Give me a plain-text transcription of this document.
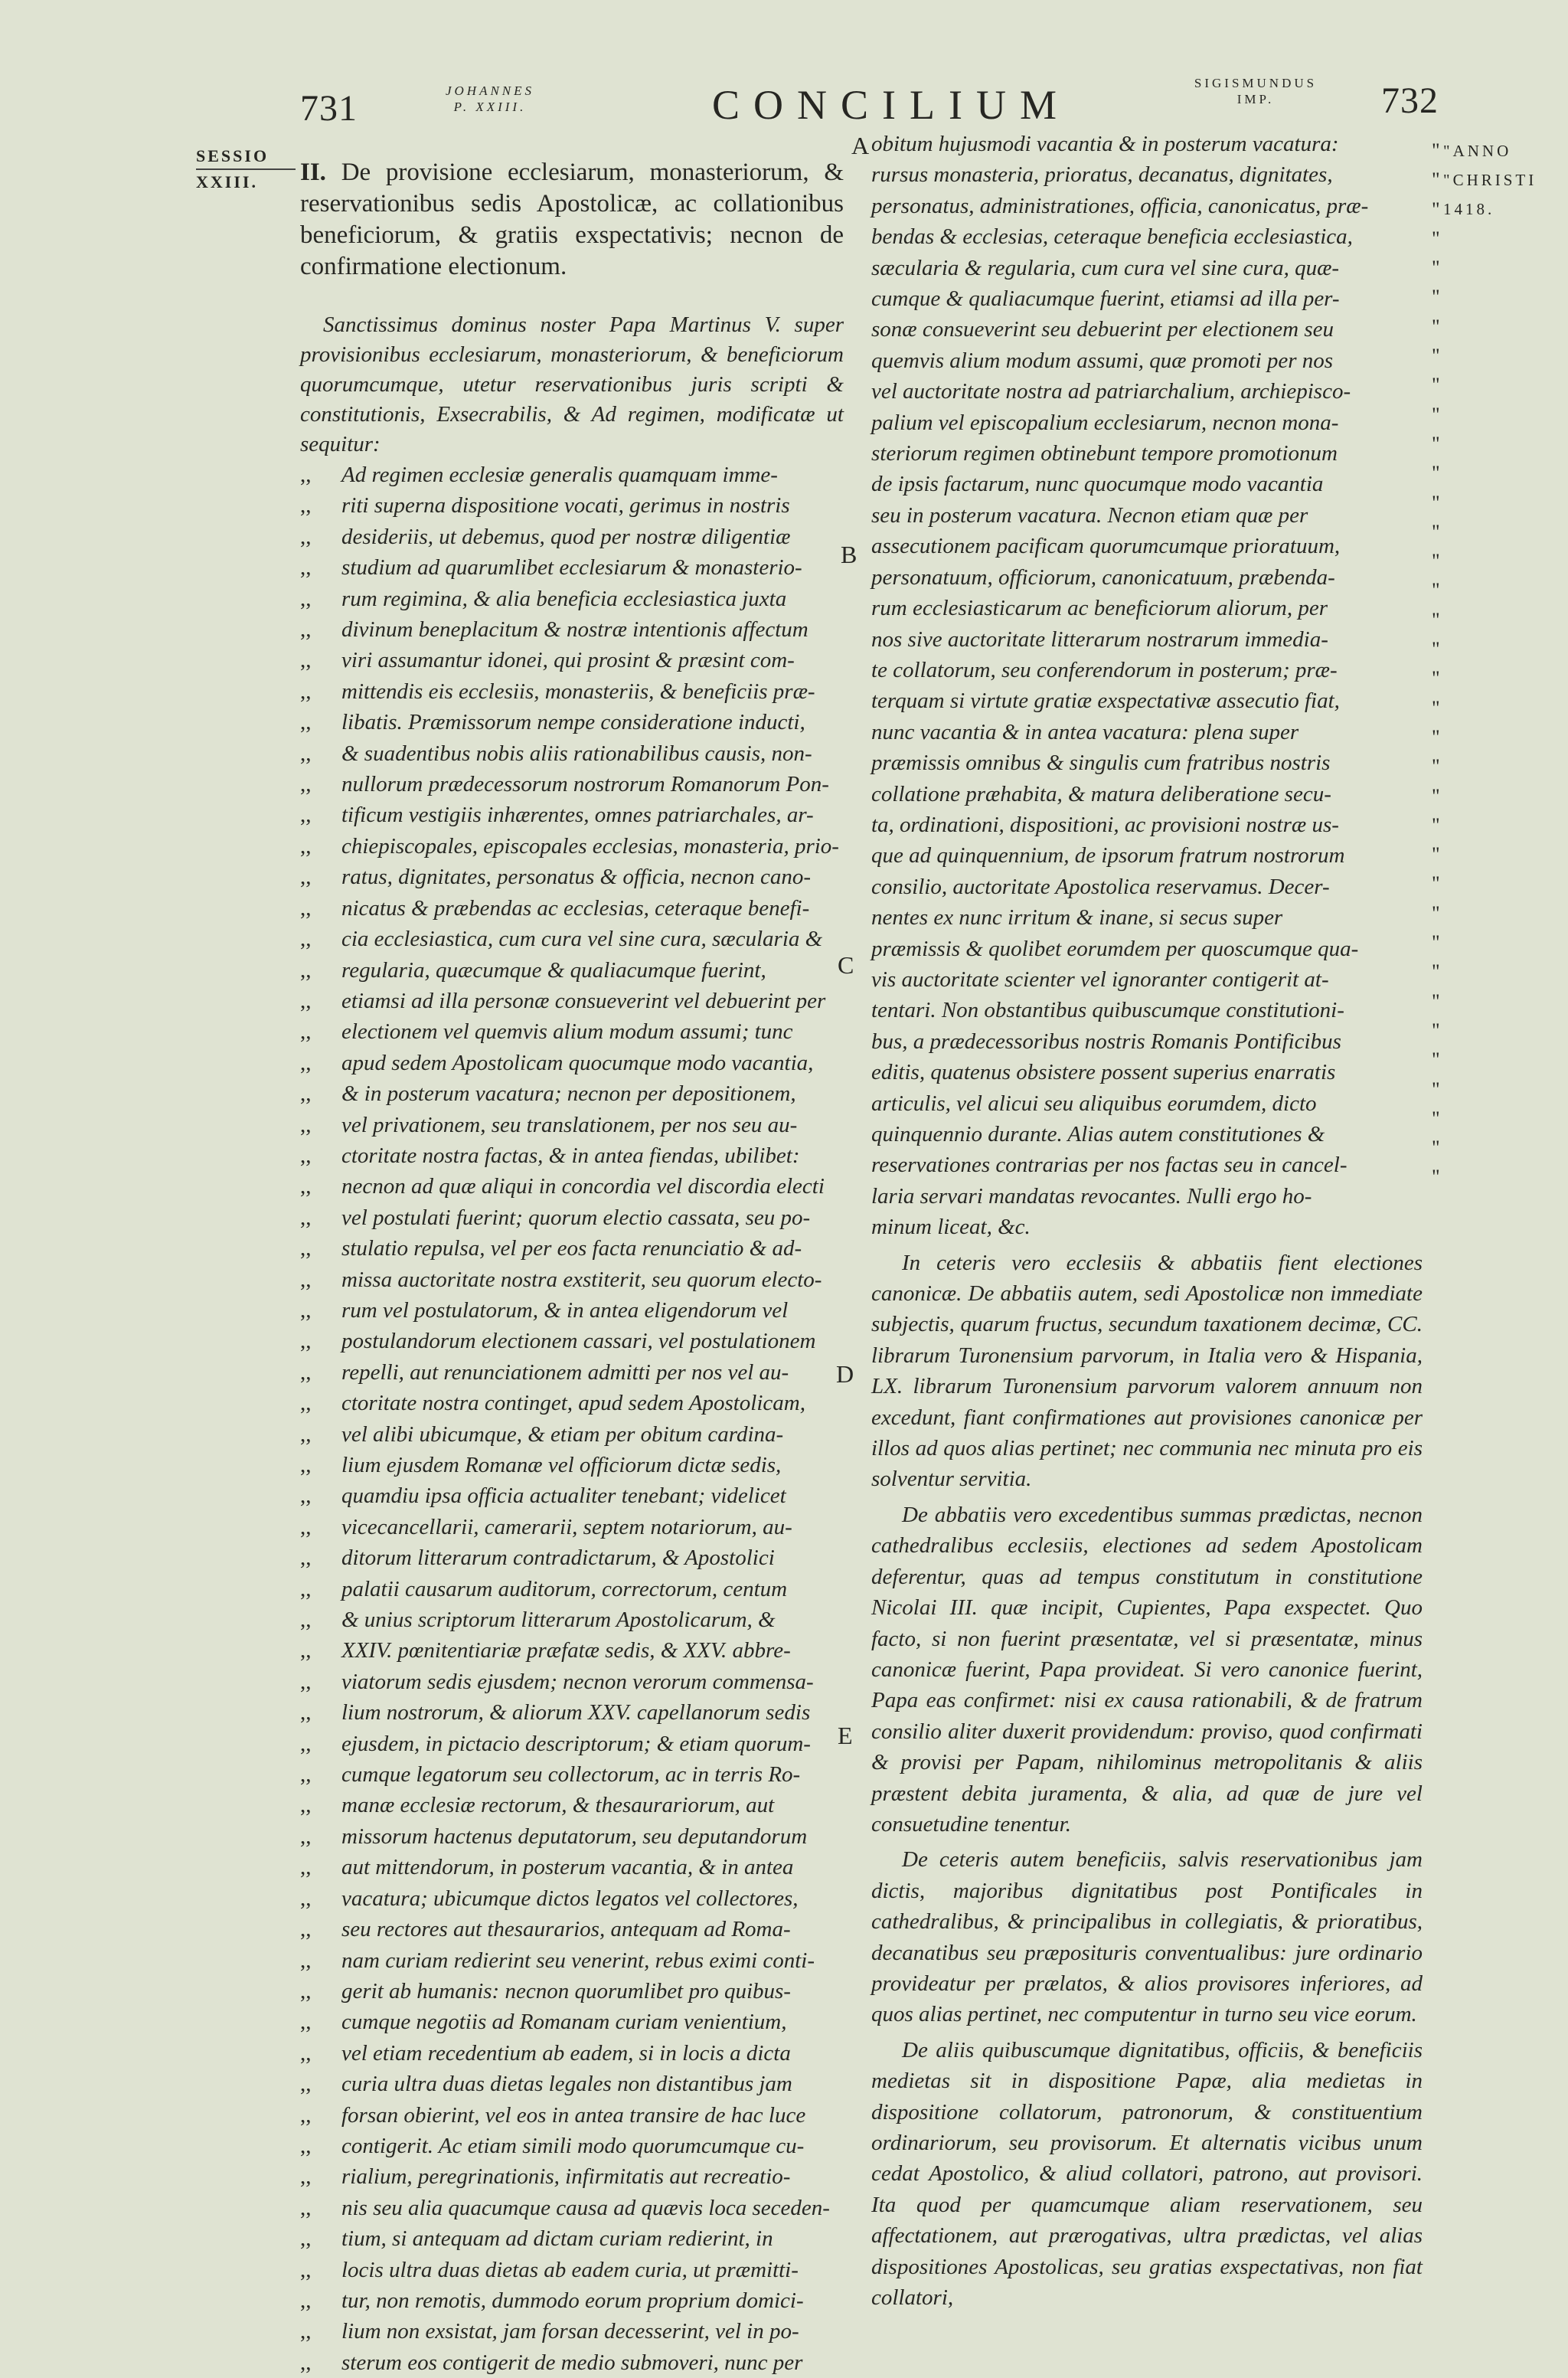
731	JOHANNES
P. XXIII.	CONCILIUM	SIGISMUNDUS
IMP.	732
SESSIO
XXIII.
"ANNO
"CHRISTI
1418.
II. De provisione ecclesiarum, monasteriorum, & reservationibus sedis Apostolicæ, ac collationibus beneficiorum, & gratiis exspectativis; necnon de confirmatione electionum.

Sanctissimus dominus noster Papa Martinus V. super provisionibus ecclesiarum, monasteriorum, & beneficiorum quorumcumque, utetur reservationibus juris scripti & constitutionis, Exsecrabilis, & Ad regimen, modificatæ ut sequitur:

,, Ad regimen ecclesiæ generalis quamquam imme-
,, riti superna dispositione vocati, gerimus in nostris
,, desideriis, ut debemus, quod per nostræ diligentiæ
,, studium ad quarumlibet ecclesiarum & monasterio-
,, rum regimina, & alia beneficia ecclesiastica juxta
,, divinum beneplacitum & nostræ intentionis affectum
,, viri assumantur idonei, qui prosint & præsint com-
,, mittendis eis ecclesiis, monasteriis, & beneficiis præ-
,, libatis. Præmissorum nempe consideratione inducti,
,, & suadentibus nobis aliis rationabilibus causis, non-
,, nullorum prædecessorum nostrorum Romanorum Pon-
,, tificum vestigiis inhærentes, omnes patriarchales, ar-
,, chiepiscopales, episcopales ecclesias, monasteria, prio-
,, ratus, dignitates, personatus & officia, necnon cano-
,, nicatus & præbendas ac ecclesias, ceteraque benefi-
,, cia ecclesiastica, cum cura vel sine cura, sæcularia &
,, regularia, quæcumque & qualiacumque fuerint,
,, etiamsi ad illa personæ consueverint vel debuerint per
,, electionem vel quemvis alium modum assumi; tunc
,, apud sedem Apostolicam quocumque modo vacantia,
,, & in posterum vacatura; necnon per depositionem,
,, vel privationem, seu translationem, per nos seu au-
,, ctoritate nostra factas, & in antea fiendas, ubilibet:
,, necnon ad quæ aliqui in concordia vel discordia electi
,, vel postulati fuerint; quorum electio cassata, seu po-
,, stulatio repulsa, vel per eos facta renunciatio & ad-
,, missa auctoritate nostra exstiterit, seu quorum electo-
,, rum vel postulatorum, & in antea eligendorum vel
,, postulandorum electionem cassari, vel postulationem
,, repelli, aut renunciationem admitti per nos vel au-
,, ctoritate nostra continget, apud sedem Apostolicam,
,, vel alibi ubicumque, & etiam per obitum cardina-
,, lium ejusdem Romanæ vel officiorum dictæ sedis,
,, quamdiu ipsa officia actualiter tenebant; videlicet
,, vicecancellarii, camerarii, septem notariorum, au-
,, ditorum litterarum contradictarum, & Apostolici
,, palatii causarum auditorum, correctorum, centum
,, & unius scriptorum litterarum Apostolicarum, &
,, XXIV. pœnitentiariæ præfatæ sedis, & XXV. abbre-
,, viatorum sedis ejusdem; necnon verorum commensa-
,, lium nostrorum, & aliorum XXV. capellanorum sedis
,, ejusdem, in pictacio descriptorum; & etiam quorum-
,, cumque legatorum seu collectorum, ac in terris Ro-
,, manæ ecclesiæ rectorum, & thesaurariorum, aut
,, missorum hactenus deputatorum, seu deputandorum
,, aut mittendorum, in posterum vacantia, & in antea
,, vacatura; ubicumque dictos legatos vel collectores,
,, seu rectores aut thesaurarios, antequam ad Roma-
,, nam curiam redierint seu venerint, rebus eximi conti-
,, gerit ab humanis: necnon quorumlibet pro quibus-
,, cumque negotiis ad Romanam curiam venientium,
,, vel etiam recedentium ab eadem, si in locis a dicta
,, curia ultra duas dietas legales non distantibus jam
,, forsan obierint, vel eos in antea transire de hac luce
,, contigerit. Ac etiam simili modo quorumcumque cu-
,, rialium, peregrinationis, infirmitatis aut recreatio-
,, nis seu alia quacumque causa ad quævis loca seceden-
,, tium, si antequam ad dictam curiam redierint, in
,, locis ultra duas dietas ab eadem curia, ut præmitti-
,, tur, non remotis, dummodo eorum proprium domici-
,, lium non exsistat, jam forsan decesserint, vel in po-
,, sterum eos contigerit de medio submoveri, nunc per
obitum hujusmodi vacantia & in posterum vacatura:
rursus monasteria, prioratus, decanatus, dignitates,
personatus, administrationes, officia, canonicatus, præ-
bendas & ecclesias, ceteraque beneficia ecclesiastica,
sæcularia & regularia, cum cura vel sine cura, quæ-
cumque & qualiacumque fuerint, etiamsi ad illa per-
sonæ consueverint seu debuerint per electionem seu
quemvis alium modum assumi, quæ promoti per nos
vel auctoritate nostra ad patriarchalium, archiepisco-
palium vel episcopalium ecclesiarum, necnon mona-
steriorum regimen obtinebunt tempore promotionum
de ipsis factarum, nunc quocumque modo vacantia
seu in posterum vacatura. Necnon etiam quæ per
assecutionem pacificam quorumcumque prioratuum,
personatuum, officiorum, canonicatuum, præbenda-
rum ecclesiasticarum ac beneficiorum aliorum, per
nos sive auctoritate litterarum nostrarum immedia-
te collatorum, seu conferendorum in posterum; præ-
terquam si virtute gratiæ exspectativæ assecutio fiat,
nunc vacantia & in antea vacatura: plena super
præmissis omnibus & singulis cum fratribus nostris
collatione præhabita, & matura deliberatione secu-
ta, ordinationi, dispositioni, ac provisioni nostræ us-
que ad quinquennium, de ipsorum fratrum nostrorum
consilio, auctoritate Apostolica reservamus. Decer-
nentes ex nunc irritum & inane, si secus super
præmissis & quolibet eorumdem per quoscumque qua-
vis auctoritate scienter vel ignoranter contigerit at-
tentari. Non obstantibus quibuscumque constitutioni-
bus, a prædecessoribus nostris Romanis Pontificibus
editis, quatenus obsistere possent superius enarratis
articulis, vel alicui seu aliquibus eorumdem, dicto
quinquennio durante. Alias autem constitutiones &
reservationes contrarias per nos factas seu in cancel-
laria servari mandatas revocantes. Nulli ergo ho-
minum liceat, &c.

In ceteris vero ecclesiis & abbatiis fient electiones canonicæ. De abbatiis autem, sedi Apostolicæ non immediate subjectis, quarum fructus, secundum taxationem decimæ, CC. librarum Turonensium parvorum, in Italia vero & Hispania, LX. librarum Turonensium parvorum valorem annuum non excedunt, fiant confirmationes aut provisiones canonicæ per illos ad quos alias pertinet; nec communia nec minuta pro eis solventur servitia.

De abbatiis vero excedentibus summas prædictas, necnon cathedralibus ecclesiis, electiones ad sedem Apostolicam deferentur, quas ad tempus constitutum in constitutione Nicolai III. quæ incipit, Cupientes, Papa exspectet. Quo facto, si non fuerint præsentatæ, vel si præsentatæ, minus canonicæ fuerint, Papa provideat. Si vero canonice fuerint, Papa eas confirmet: nisi ex causa rationabili, & de fratrum consilio aliter duxerit providendum: proviso, quod confirmati & provisi per Papam, nihilominus metropolitanis & aliis præstent debita juramenta, & alia, ad quæ de jure vel consuetudine tenentur.

De ceteris autem beneficiis, salvis reservationibus jam dictis, majoribus dignitatibus post Pontificales in cathedralibus, & principalibus in collegiatis, & prioratibus, decanatibus seu præposituris conventualibus: jure ordinario provideatur per prælatos, & alios provisores inferiores, ad quos alias pertinet, nec computentur in turno seu vice eorum.

De aliis quibuscumque dignitatibus, officiis, & beneficiis medietas sit in dispositione Papæ, alia medietas in dispositione collatorum, patronorum, & constituentium ordinariorum, seu provisorum. Et alternatis vicibus unum cedat Apostolico, & aliud collatori, patrono, aut provisori. Ita quod per quamcumque aliam reservationem, seu affectationem, aut prærogativas, ultra prædictas, vel alias dispositiones Apostolicas, seu gratias exspectativas, non fiat collatori,

"
"
"
"
"
"
"
"
"
"
"
"
"
"
"
"
"
"
"
"
"
"
"
"
"
"
"
"
"
"
"
"
"
"
"
"
A
B
C
D
E
